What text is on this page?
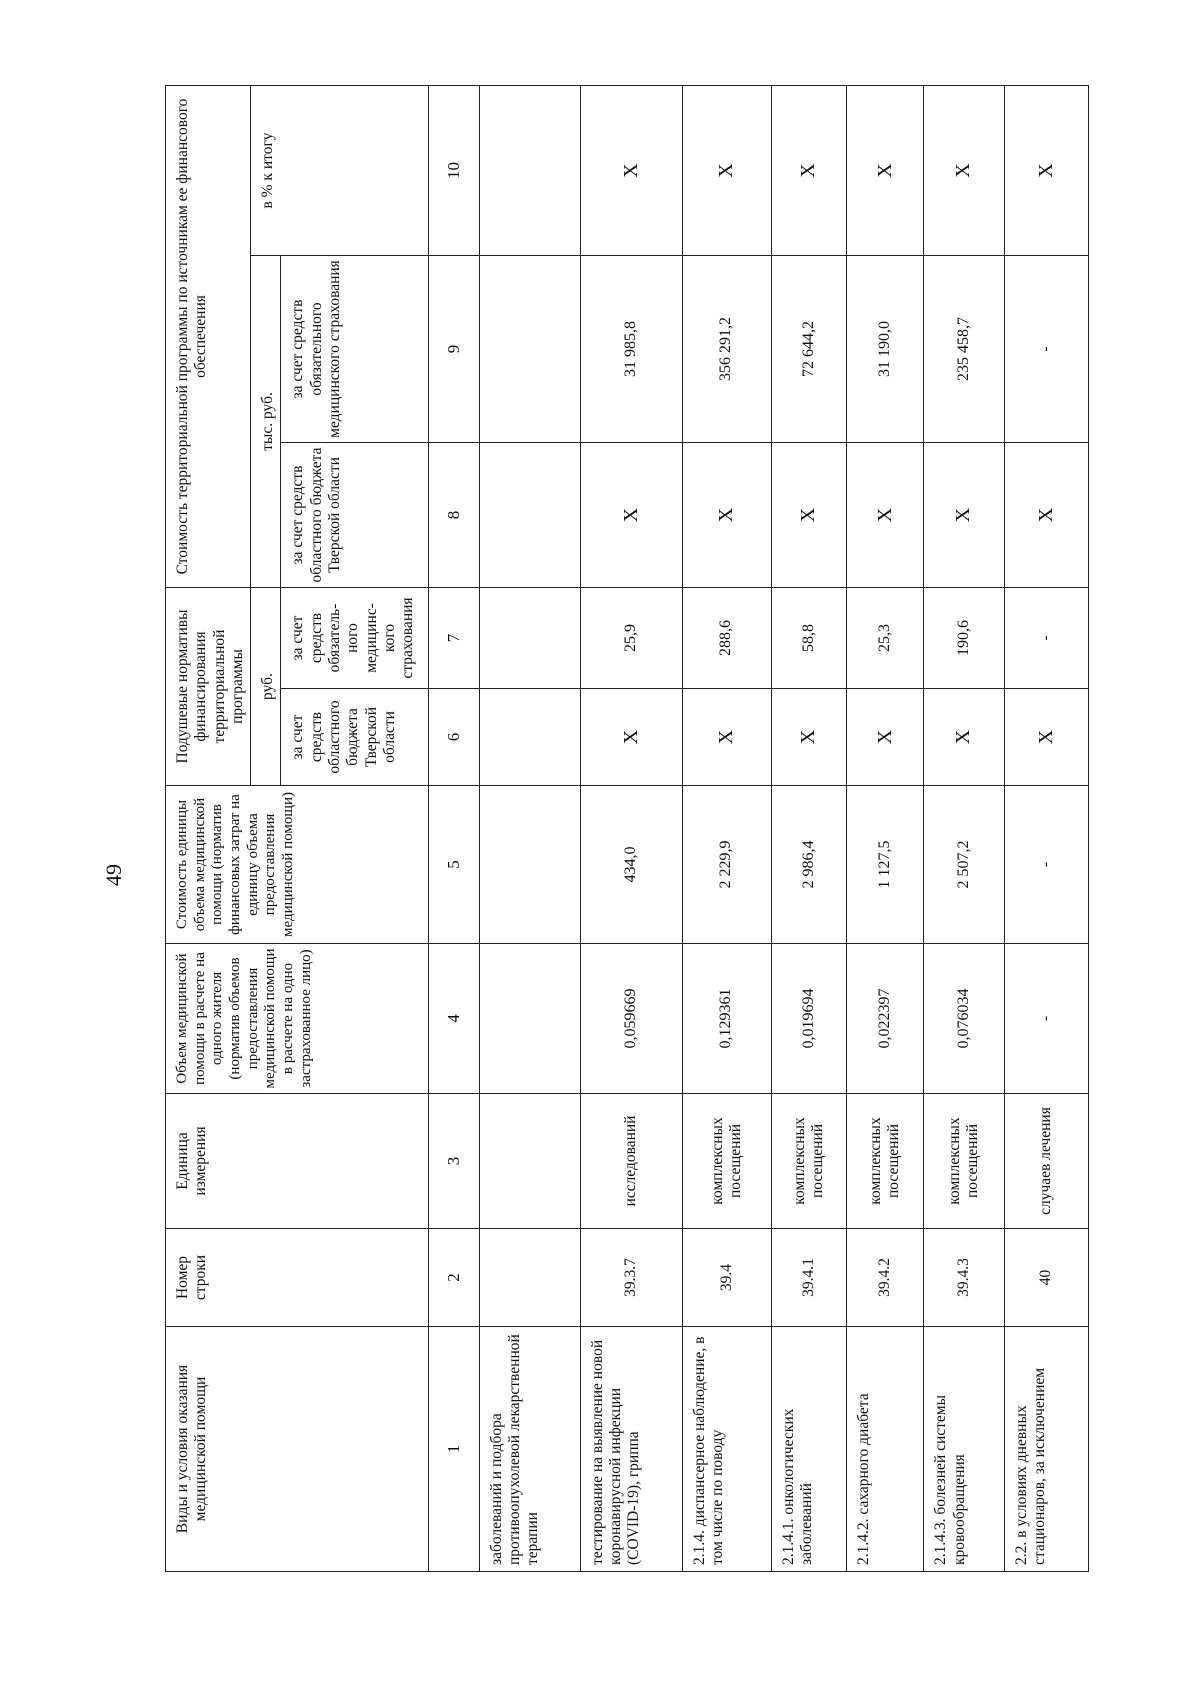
49
Виды и условия оказания медицинской помощи	Номер строки	Единица измерения	Объем медицинской помощи в расчете на одного жителя (норматив объемов предоставления медицинской помощи в расчете на одно застрахованное лицо)	Стоимость единицы объема медицинской помощи (норматив финансовых затрат на единицу объема предоставления медицинской помощи)	Подушевые нормативы финансирования территориальной программы		Стоимость территориальной программы по источникам ее финансового обеспечения		
					руб.		тыс. руб.		в % к итогу
					за счет средств областного бюджета Тверской области	за счет средств обязатель-ного медицинс-кого страхования	за счет средств областного бюджета Тверской области	за счет средств обязательного медицинского страхования	
1	2	3	4	5	6	7	8	9	10
заболеваний и подбора противоопухолевой лекарственной терапии									
тестирование на выявление новой коронавирусной инфекции (COVID-19), гриппа	39.3.7	исследований	0,059669	434,0	X	25,9	X	31 985,8	X
2.1.4. диспансерное наблюдение, в том числе по поводу	39.4	комплексных посещений	0,129361	2 229,9	X	288,6	X	356 291,2	X
2.1.4.1. онкологических заболеваний	39.4.1	комплексных посещений	0,019694	2 986,4	X	58,8	X	72 644,2	X
2.1.4.2. сахарного диабета	39.4.2	комплексных посещений	0,022397	1 127,5	X	25,3	X	31 190,0	X
2.1.4.3. болезней системы кровообращения	39.4.3	комплексных посещений	0,076034	2 507,2	X	190,6	X	235 458,7	X
2.2. в условиях дневных стационаров, за исключением	40	случаев лечения	-	-	X	-	X	-	X
